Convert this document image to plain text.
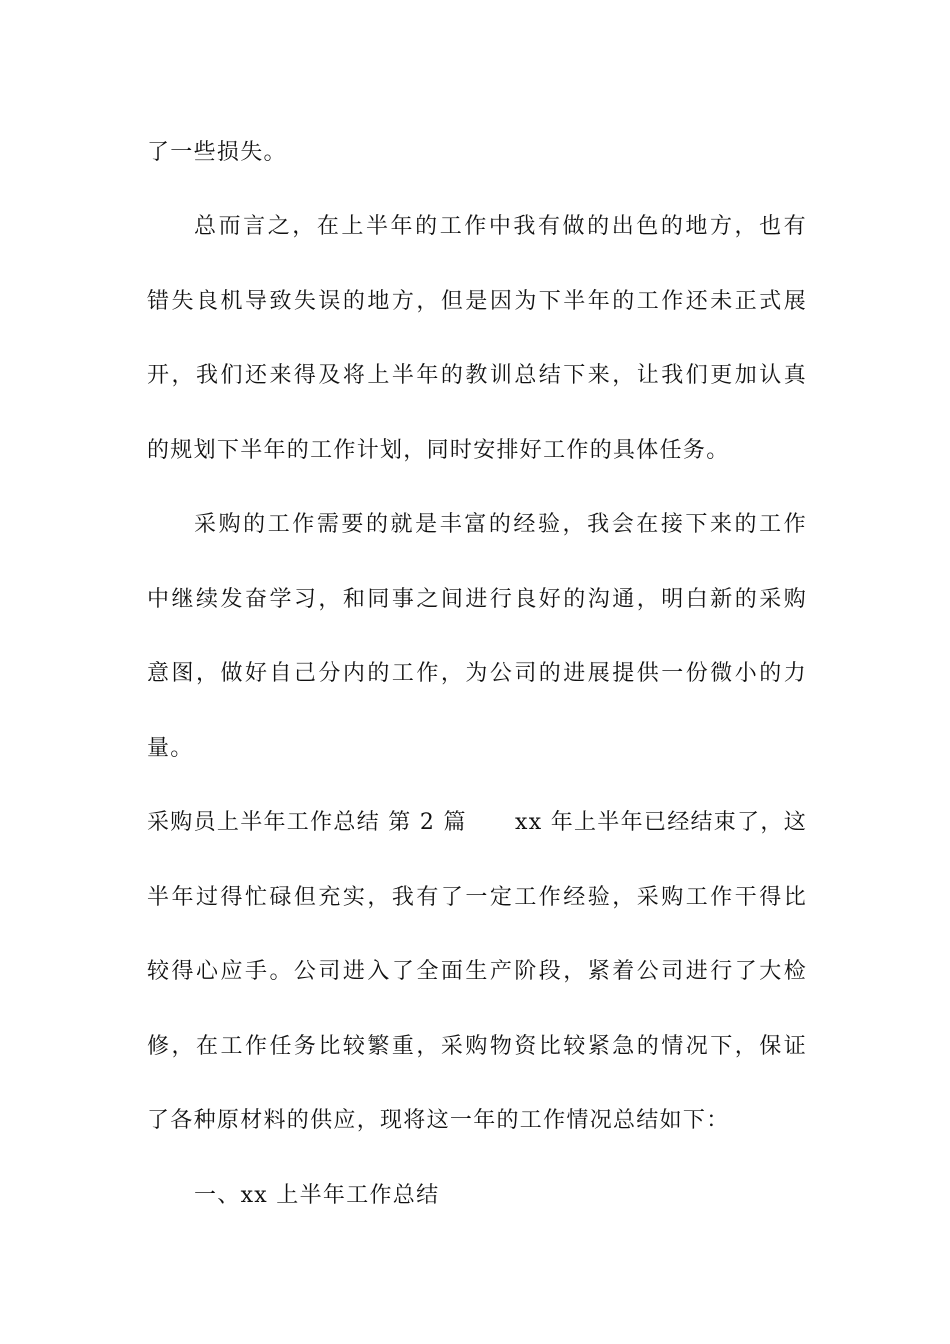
了一些损失。
总而言之，在上半年的工作中我有做的出色的地方，也有
错失良机导致失误的地方，但是因为下半年的工作还未正式展
开，我们还来得及将上半年的教训总结下来，让我们更加认真
的规划下半年的工作计划，同时安排好工作的具体任务。
采购的工作需要的就是丰富的经验，我会在接下来的工作
中继续发奋学习，和同事之间进行良好的沟通，明白新的采购
意图，做好自己分内的工作，为公司的进展提供一份微小的力
量。
采购员上半年工作总结 第 2 篇 xx 年上半年已经结束了，这
半年过得忙碌但充实，我有了一定工作经验，采购工作干得比
较得心应手。公司进入了全面生产阶段，紧着公司进行了大检
修，在工作任务比较繁重，采购物资比较紧急的情况下，保证
了各种原材料的供应，现将这一年的工作情况总结如下：
一、xx 上半年工作总结
